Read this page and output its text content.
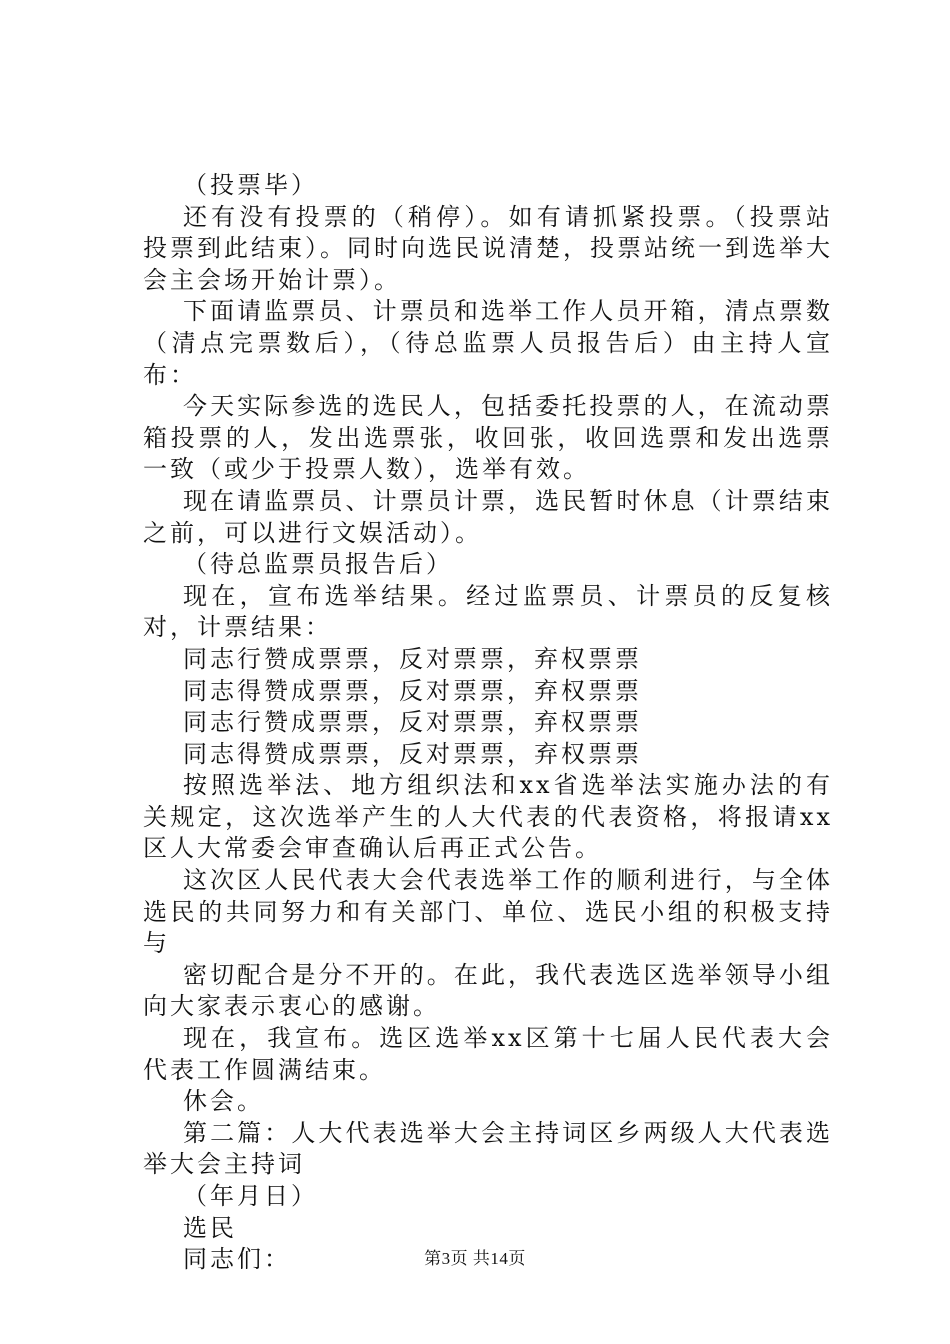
（投票毕）

还有没有投票的（稍停）。如有请抓紧投票。（投票站投票到此结束）。同时向选民说清楚，投票站统一到选举大会主会场开始计票）。

下面请监票员、计票员和选举工作人员开箱，清点票数（清点完票数后），（待总监票人员报告后）由主持人宣布：

今天实际参选的选民人，包括委托投票的人，在流动票箱投票的人，发出选票张，收回张，收回选票和发出选票一致（或少于投票人数），选举有效。

现在请监票员、计票员计票，选民暂时休息（计票结束之前，可以进行文娱活动）。

（待总监票员报告后）

现在，宣布选举结果。经过监票员、计票员的反复核对，计票结果：

同志行赞成票票，反对票票，弃权票票

同志得赞成票票，反对票票，弃权票票

同志行赞成票票，反对票票，弃权票票

同志得赞成票票，反对票票，弃权票票

按照选举法、地方组织法和xx省选举法实施办法的有关规定，这次选举产生的人大代表的代表资格，将报请xx区人大常委会审查确认后再正式公告。

这次区人民代表大会代表选举工作的顺利进行，与全体选民的共同努力和有关部门、单位、选民小组的积极支持与

密切配合是分不开的。在此，我代表选区选举领导小组向大家表示衷心的感谢。

现在，我宣布。选区选举xx区第十七届人民代表大会代表工作圆满结束。

休会。

第二篇：人大代表选举大会主持词区乡两级人大代表选举大会主持词

（年月日）

选民

同志们：	第3页 共14页
